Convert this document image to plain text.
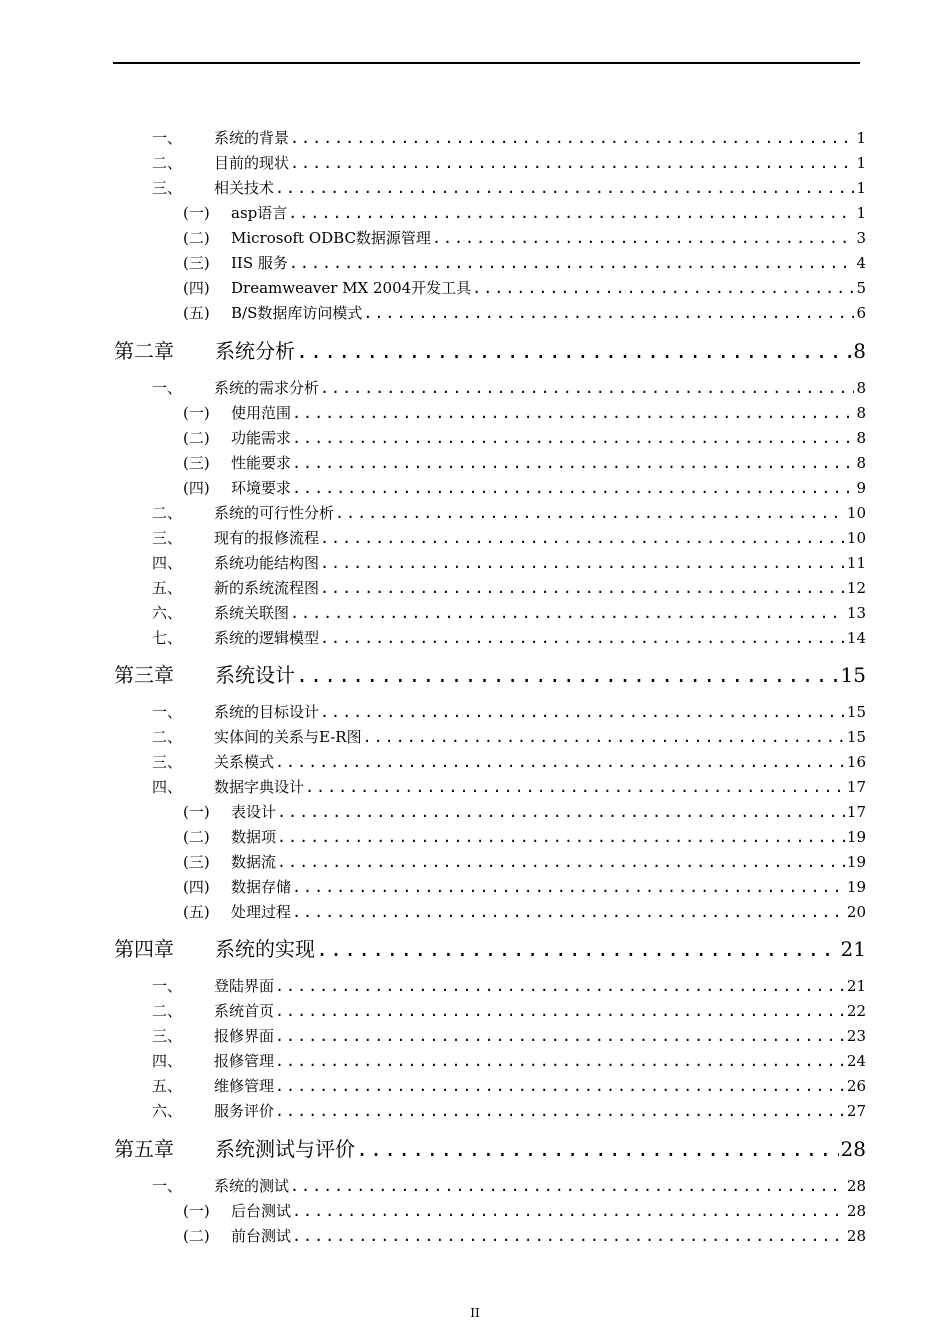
一、	系统的背景 .....	1
二、	目前的现状 .....	1
三、	相关技术 .....	1
(一)	asp语言 .....	1
(二)	Microsoft ODBC数据源管理 .....	3
(三)	IIS 服务 .....	4
(四)	Dreamweaver MX 2004开发工具 .....	5
(五)	B/S数据库访问模式 .....	6
第二章	系统分析 .....	8
一、	系统的需求分析 .....	8
(一)	使用范围 .....	8
(二)	功能需求 .....	8
(三)	性能要求 .....	8
(四)	环境要求 .....	9
二、	系统的可行性分析 .....	10
三、	现有的报修流程 .....	10
四、	系统功能结构图 .....	11
五、	新的系统流程图 .....	12
六、	系统关联图 .....	13
七、	系统的逻辑模型 .....	14
第三章	系统设计 .....	15
一、	系统的目标设计 .....	15
二、	实体间的关系与E-R图 .....	15
三、	关系模式 .....	16
四、	数据字典设计 .....	17
(一)	表设计 .....	17
(二)	数据项 .....	19
(三)	数据流 .....	19
(四)	数据存储 .....	19
(五)	处理过程 .....	20
第四章	系统的实现 .....	21
一、	登陆界面 .....	21
二、	系统首页 .....	22
三、	报修界面 .....	23
四、	报修管理 .....	24
五、	维修管理 .....	26
六、	服务评价 .....	27
第五章	系统测试与评价 .....	28
一、	系统的测试 .....	28
(一)	后台测试 .....	28
(二)	前台测试 .....	28
II
